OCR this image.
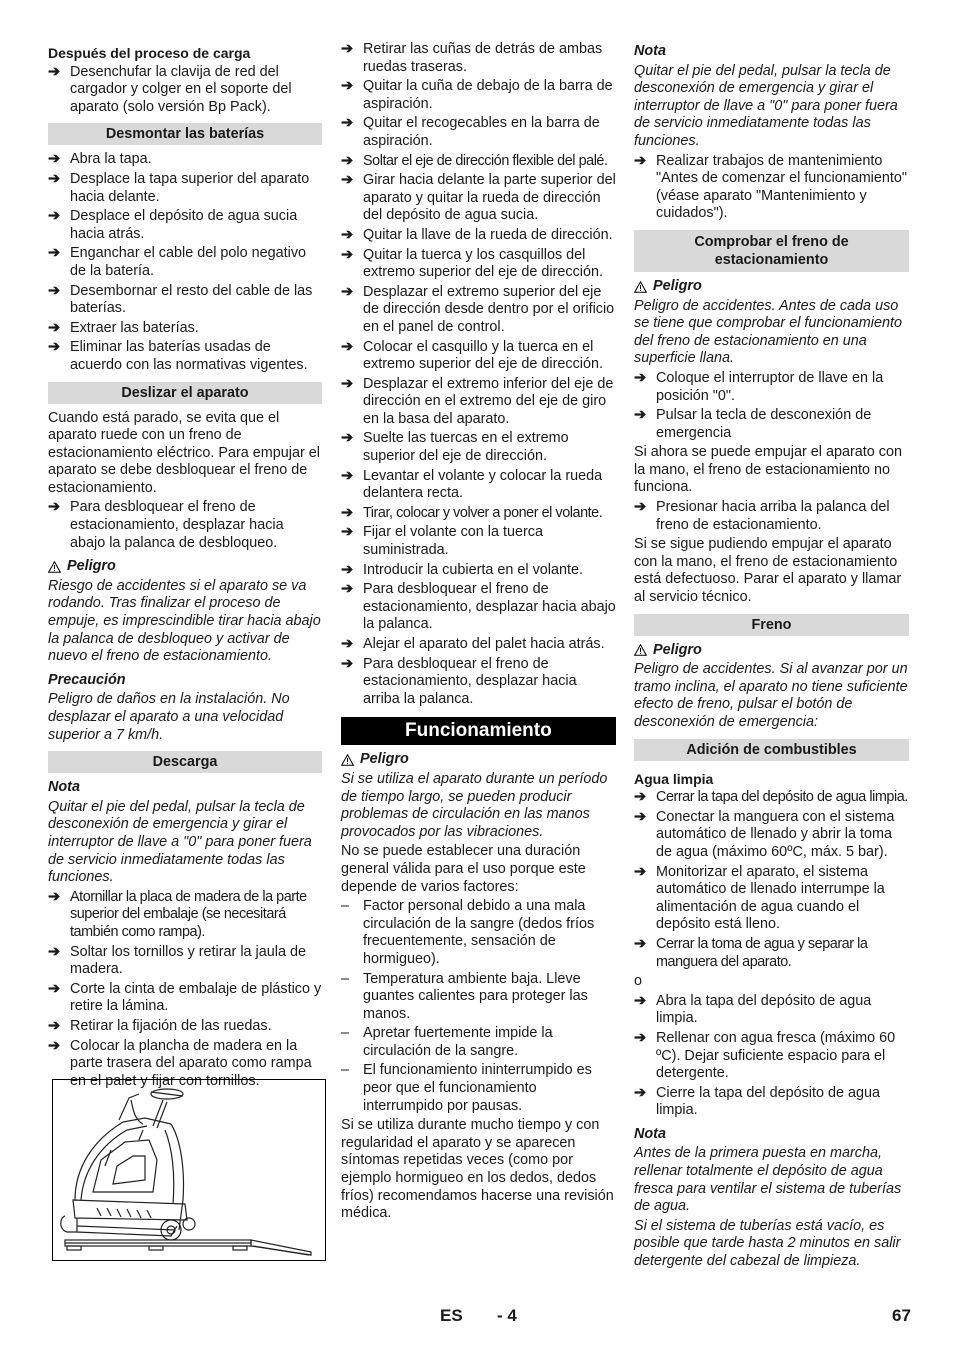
Después del proceso de carga
➔ Desenchufar la clavija de red del cargador y colger en el soporte del aparato (solo versión Bp Pack).
Desmontar las baterías
➔ Abra la tapa.
➔ Desplace la tapa superior del aparato hacia delante.
➔ Desplace el depósito de agua sucia hacia atrás.
➔ Enganchar el cable del polo negativo de la batería.
➔ Desembornar el resto del cable de las baterías.
➔ Extraer las baterías.
➔ Eliminar las baterías usadas de acuerdo con las normativas vigentes.
Deslizar el aparato

Cuando está parado, se evita que el aparato ruede con un freno de estacionamiento eléctrico. Para empujar el aparato se debe desbloquear el freno de estacionamiento.

➔ Para desbloquear el freno de estacionamiento, desplazar hacia abajo la palanca de desbloqueo.
Peligro

Riesgo de accidentes si el aparato se va rodando. Tras finalizar el proceso de empuje, es imprescindible tirar hacia abajo la palanca de desbloqueo y activar de nuevo el freno de estacionamiento.

Precaución

Peligro de daños en la instalación. No desplazar el aparato a una velocidad superior a 7 km/h.

Descarga
Nota

Quitar el pie del pedal, pulsar la tecla de desconexión de emergencia y girar el interruptor de llave a "0" para poner fuera de servicio inmediatamente todas las funciones.

➔ Atornillar la placa de madera de la parte superior del embalaje (se necesitará también como rampa).
➔ Soltar los tornillos y retirar la jaula de madera.
➔ Corte la cinta de embalaje de plástico y retire la lámina.
➔ Retirar la fijación de las ruedas.
➔ Colocar la plancha de madera en la parte trasera del aparato como rampa en el palet y fijar con tornillos.
➔ Retirar las cuñas de detrás de ambas ruedas traseras.
➔ Quitar la cuña de debajo de la barra de aspiración.
➔ Quitar el recogecables en la barra de aspiración.
➔ Soltar el eje de dirección flexible del palé.
➔ Girar hacia delante la parte superior del aparato y quitar la rueda de dirección del depósito de agua sucia.
➔ Quitar la llave de la rueda de dirección.
➔ Quitar la tuerca y los casquillos del extremo superior del eje de dirección.
➔ Desplazar el extremo superior del eje de dirección desde dentro por el orificio en el panel de control.
➔ Colocar el casquillo y la tuerca en el extremo superior del eje de dirección.
➔ Desplazar el extremo inferior del eje de dirección en el extremo del eje de giro en la basa del aparato.
➔ Suelte las tuercas en el extremo superior del eje de dirección.
➔ Levantar el volante y colocar la rueda delantera recta.
➔ Tirar, colocar y volver a poner el volante.
➔ Fijar el volante con la tuerca suministrada.
➔ Introducir la cubierta en el volante.
➔ Para desbloquear el freno de estacionamiento, desplazar hacia abajo la palanca.
➔ Alejar el aparato del palet hacia atrás.
➔ Para desbloquear el freno de estacionamiento, desplazar hacia arriba la palanca.
Funcionamiento
Peligro

Si se utiliza el aparato durante un período de tiempo largo, se pueden producir problemas de circulación en las manos provocados por las vibraciones.

No se puede establecer una duración general válida para el uso porque este depende de varios factores:

– Factor personal debido a una mala circulación de la sangre (dedos fríos frecuentemente, sensación de hormigueo).
– Temperatura ambiente baja. Lleve guantes calientes para proteger las manos.
– Apretar fuertemente impide la circulación de la sangre.
– El funcionamiento ininterrumpido es peor que el funcionamiento interrumpido por pausas.

Si se utiliza durante mucho tiempo y con regularidad el aparato y se aparecen síntomas repetidas veces (como por ejemplo hormigueo en los dedos, dedos fríos) recomendamos hacerse una revisión médica.

Nota

Quitar el pie del pedal, pulsar la tecla de desconexión de emergencia y girar el interruptor de llave a "0" para poner fuera de servicio inmediatamente todas las funciones.

➔ Realizar trabajos de mantenimiento "Antes de comenzar el funcionamiento" (véase aparato "Mantenimiento y cuidados").
Comprobar el freno de estacionamiento
Peligro

Peligro de accidentes. Antes de cada uso se tiene que comprobar el funcionamiento del freno de estacionamiento en una superficie llana.

➔ Coloque el interruptor de llave en la posición "0".
➔ Pulsar la tecla de desconexión de emergencia

Si ahora se puede empujar el aparato con la mano, el freno de estacionamiento no funciona.

➔ Presionar hacia arriba la palanca del freno de estacionamiento.

Si se sigue pudiendo empujar el aparato con la mano, el freno de estacionamiento está defectuoso. Parar el aparato y llamar al servicio técnico.

Freno
Peligro

Peligro de accidentes. Si al avanzar por un tramo inclina, el aparato no tiene suficiente efecto de freno, pulsar el botón de desconexión de emergencia:

Adición de combustibles
Agua limpia
➔ Cerrar la tapa del depósito de agua limpia.
➔ Conectar la manguera con el sistema automático de llenado y abrir la toma de agua (máximo 60ºC, máx. 5 bar).
➔ Monitorizar el aparato, el sistema automático de llenado interrumpe la alimentación de agua cuando el depósito está lleno.
➔ Cerrar la toma de agua y separar la manguera del aparato.

o

➔ Abra la tapa del depósito de agua limpia.
➔ Rellenar con agua fresca (máximo 60 ºC). Dejar suficiente espacio para el detergente.
➔ Cierre la tapa del depósito de agua limpia.
Nota

Antes de la primera puesta en marcha, rellenar totalmente el depósito de agua fresca para ventilar el sistema de tuberías de agua.

Si el sistema de tuberías está vacío, es posible que tarde hasta 2 minutos en salir detergente del cabezal de limpieza.

ES - 4	67
